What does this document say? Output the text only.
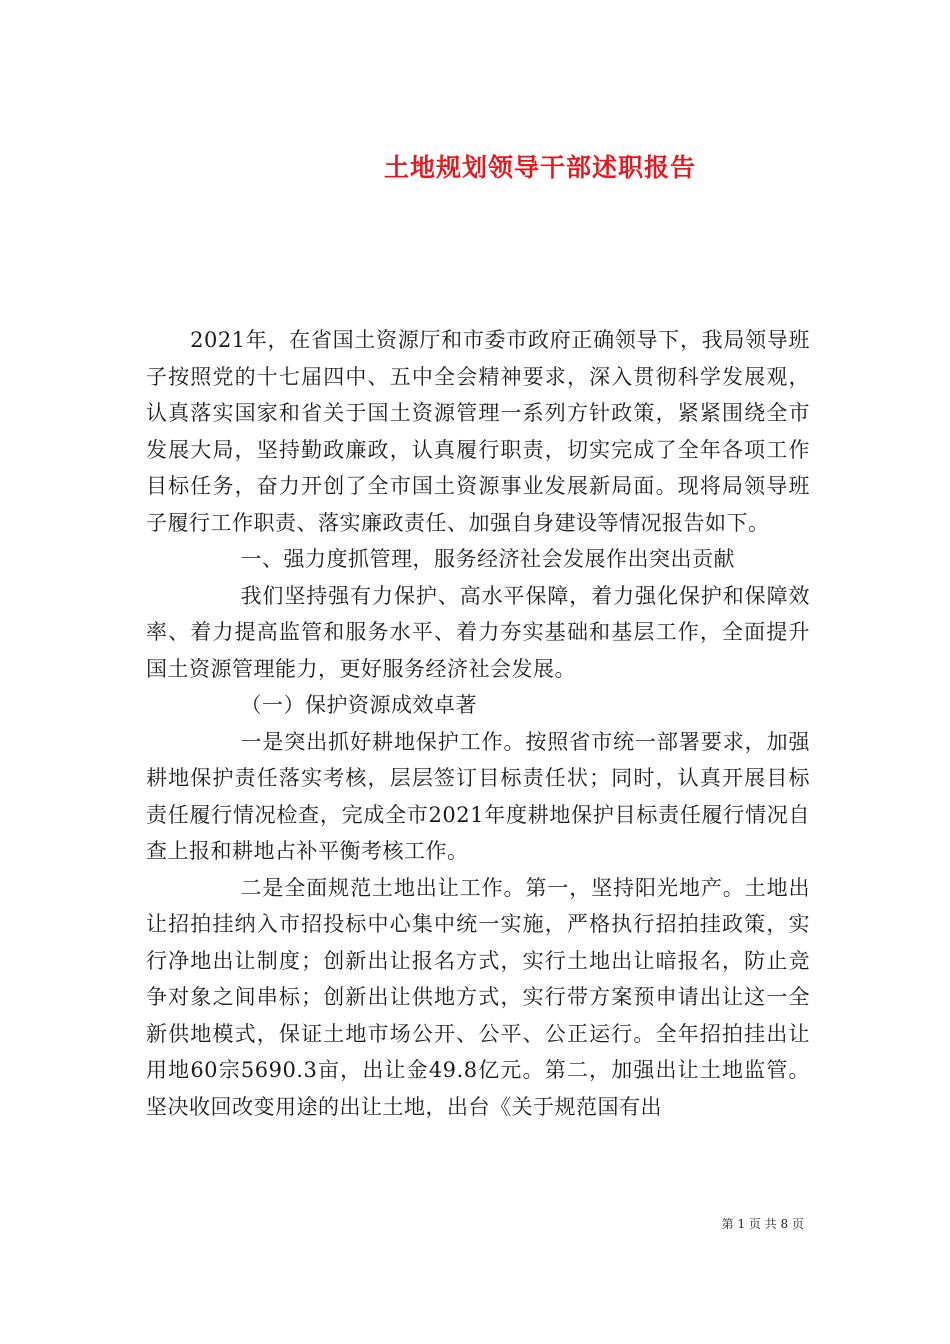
土地规划领导干部述职报告

2021年，在省国土资源厅和市委市政府正确领导下，我局领导班子按照党的十七届四中、五中全会精神要求，深入贯彻科学发展观，认真落实国家和省关于国土资源管理一系列方针政策，紧紧围绕全市发展大局，坚持勤政廉政，认真履行职责，切实完成了全年各项工作目标任务，奋力开创了全市国土资源事业发展新局面。现将局领导班子履行工作职责、落实廉政责任、加强自身建设等情况报告如下。

一、强力度抓管理，服务经济社会发展作出突出贡献

我们坚持强有力保护、高水平保障，着力强化保护和保障效率、着力提高监管和服务水平、着力夯实基础和基层工作，全面提升国土资源管理能力，更好服务经济社会发展。

（一）保护资源成效卓著

一是突出抓好耕地保护工作。按照省市统一部署要求，加强耕地保护责任落实考核，层层签订目标责任状；同时，认真开展目标责任履行情况检查，完成全市2021年度耕地保护目标责任履行情况自查上报和耕地占补平衡考核工作。

二是全面规范土地出让工作。第一，坚持阳光地产。土地出让招拍挂纳入市招投标中心集中统一实施，严格执行招拍挂政策，实行净地出让制度；创新出让报名方式，实行土地出让暗报名，防止竞争对象之间串标；创新出让供地方式，实行带方案预申请出让这一全新供地模式，保证土地市场公开、公平、公正运行。全年招拍挂出让用地60宗5690.3亩，出让金49.8亿元。第二，加强出让土地监管。坚决收回改变用途的出让土地，出台《关于规范国有出

第 1 页 共 8 页
